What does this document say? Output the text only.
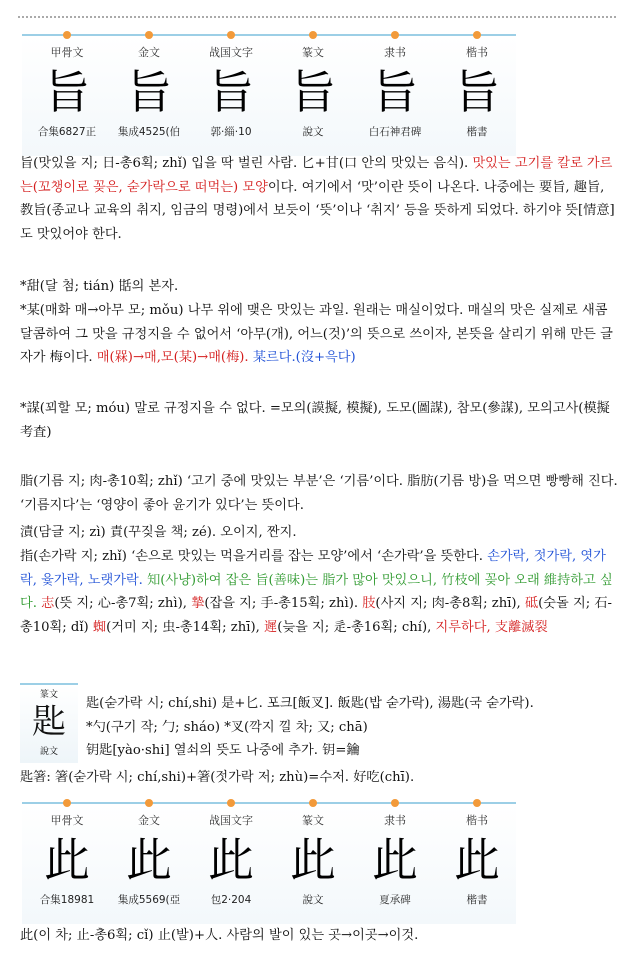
甲骨文
旨
合集6827正
金文
旨
集成4525(伯
战国文字
旨
郭·緇·10
篆文
旨
說文
隶书
旨
白石神君碑
楷书
旨
楷書
旨(맛있을 지; 日-총6획; zhǐ) 입을 딱 벌린 사람. 匕+甘(口 안의 맛있는 음식). 맛있는 고기를 칼로 가르는(꼬챙이로 꽂은, 숟가락으로 떠먹는) 모양이다. 여기에서 ‘맛’이란 뜻이 나온다. 나중에는 要旨, 趣旨, 教旨(종교나 교육의 취지, 임금의 명령)에서 보듯이 ‘뜻’이나 ‘취지’ 등을 뜻하게 되었다. 하기야 뜻[情意]도 맛있어야 한다.
*甜(달 첨; tián) 甛의 본자.
*某(매화 매→아무 모; mǒu) 나무 위에 맺은 맛있는 과일. 원래는 매실이었다. 매실의 맛은 실제로 새콤달콤하여 그 맛을 규정지을 수 없어서 ‘아무(개), 어느(것)’의 뜻으로 쓰이자, 본뜻을 살리기 위해 만든 글자가 梅이다. 매(槑)→매,모(某)→매(梅). 某르다.(沒+윽다)
*謀(꾀할 모; móu) 말로 규정지을 수 없다. =모의(謨擬, 模擬), 도모(圖謀), 참모(參謀), 모의고사(模擬考査)
脂(기름 지; 肉-총10획; zhǐ) ‘고기 중에 맛있는 부분’은 ‘기름’이다. 脂肪(기름 방)을 먹으면 빵빵해 진다. ‘기름지다’는 ‘영양이 좋아 윤기가 있다’는 뜻이다.
漬(담글 지; zì) 責(꾸짖을 책; zé). 오이지, 짠지.
指(손가락 지; zhǐ) ‘손으로 맛있는 먹을거리를 잡는 모양’에서 ‘손가락’을 뜻한다. 손가락, 젓가락, 엿가락, 윷가락, 노랫가락. 知(사냥)하여 잡은 旨(善味)는 脂가 많아 맛있으니, 竹枝에 꽂아 오래 維持하고 싶다. 志(뜻 지; 心-총7획; zhì), 摯(잡을 지; 手-총15획; zhì). 肢(사지 지; 肉-총8획; zhī), 砥(숫돌 지; 石-총10획; dǐ) 蜘(거미 지; 虫-총14획; zhī), 遲(늦을 지; 辵-총16획; chí), 지루하다, 支離滅裂
篆文
匙
說文
匙(숟가락 시; chí,shi) 是+匕. 포크[飯叉]. 飯匙(밥 숟가락), 湯匙(국 숟가락).
*勺(구기 작; 勹; sháo) *叉(깍지 낄 차; 又; chā)
钥匙[yào·shi] 열쇠의 뜻도 나중에 추가. 钥=鑰
匙箸: 箸(숟가락 시; chí,shi)+箸(젓가락 저; zhù)=수저. 好吃(chī).
甲骨文
此
合集18981
金文
此
集成5569(亞
战国文字
此
包2·204
篆文
此
說文
隶书
此
夏承碑
楷书
此
楷書
此(이 차; 止-총6획; cǐ) 止(발)+人. 사람의 발이 있는 곳→이곳→이것.
